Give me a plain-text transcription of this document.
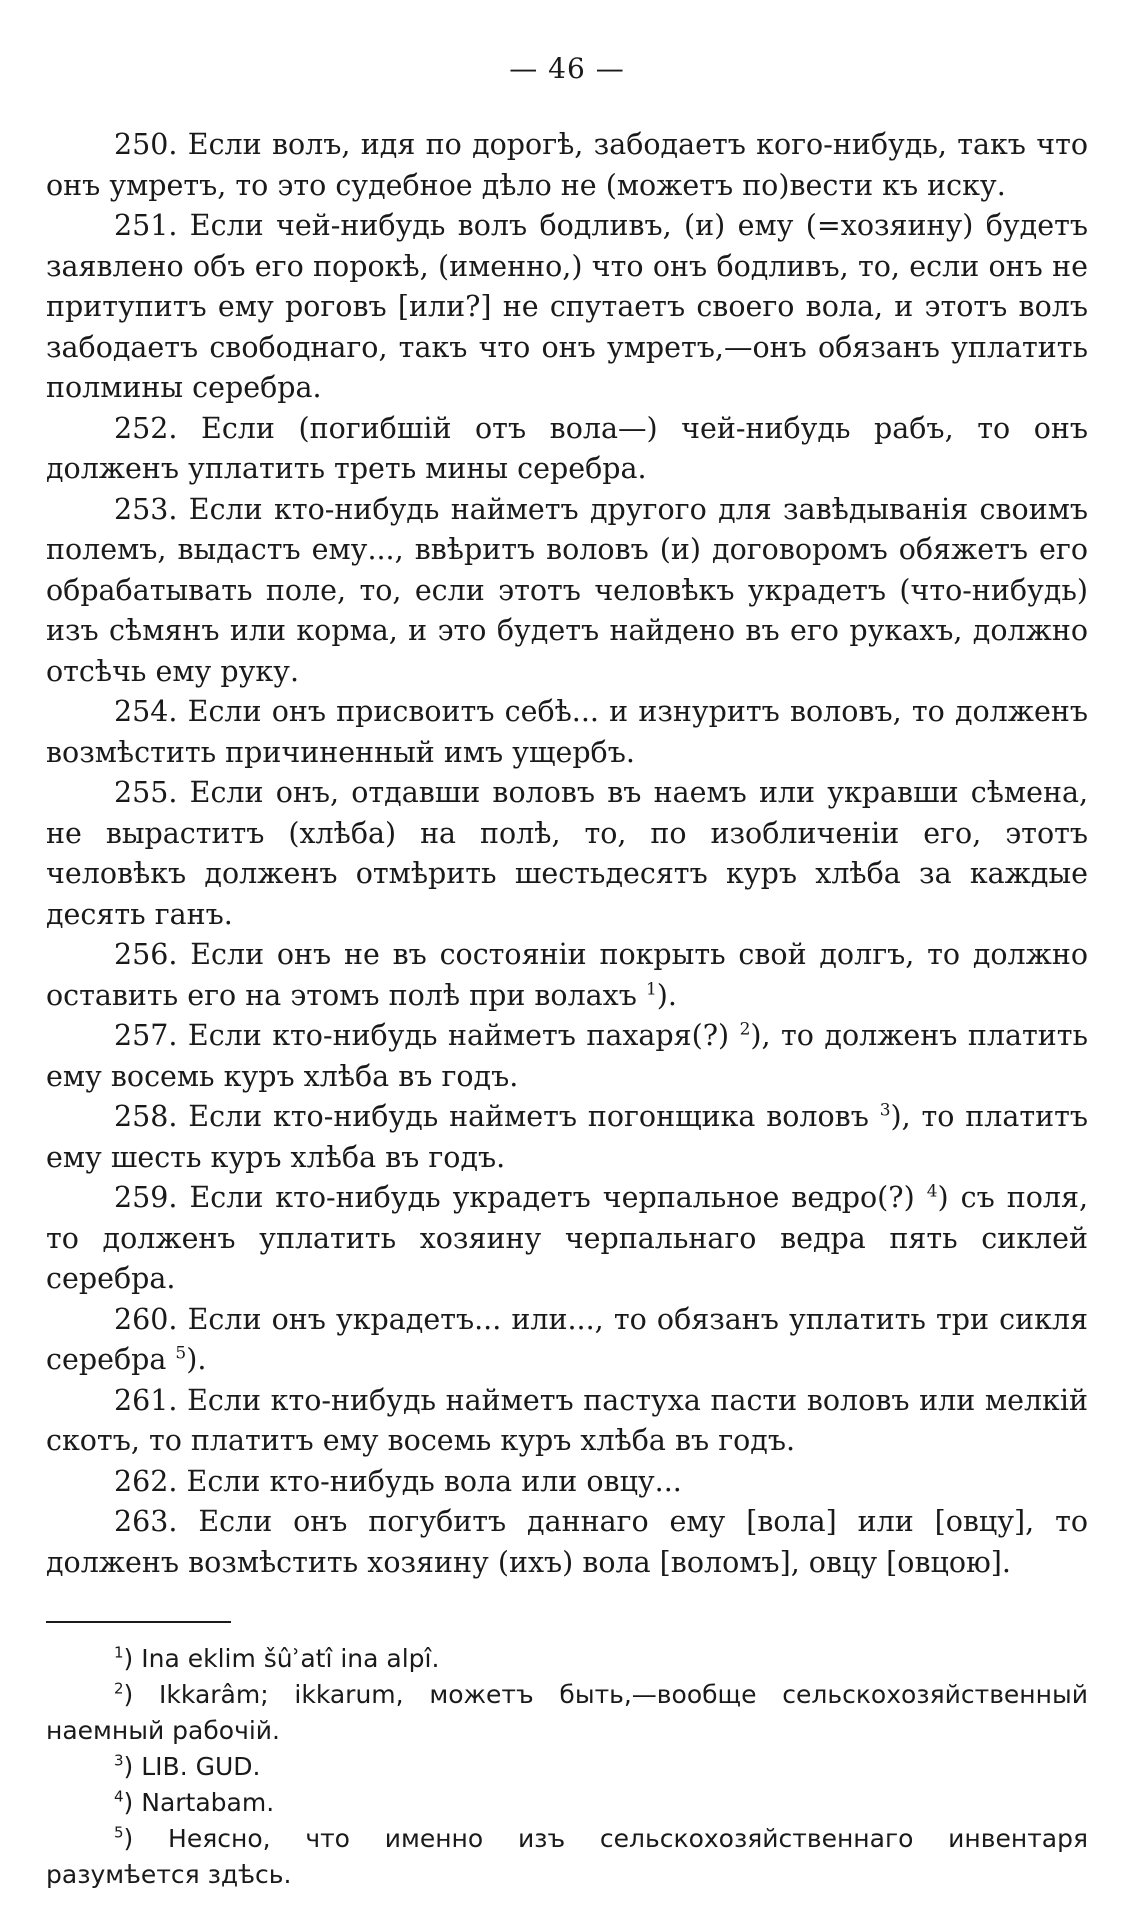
— 46 —

250. Если волъ, идя по дорогѣ, забодаетъ кого-нибудь, такъ что онъ умретъ, то это судебное дѣло не (можетъ по)вести къ иску.

251. Если чей-нибудь волъ бодливъ, (и) ему (=хозяину) будетъ заявлено объ его порокѣ, (именно,) что онъ бодливъ, то, если онъ не притупитъ ему роговъ [или?] не спутаетъ своего вола, и этотъ волъ забодаетъ свободнаго, такъ что онъ умретъ,—онъ обязанъ уплатить полмины серебра.

252. Если (погибшій отъ вола—) чей-нибудь рабъ, то онъ долженъ уплатить треть мины серебра.

253. Если кто-нибудь найметъ другого для завѣдыванія своимъ полемъ, выдастъ ему..., ввѣритъ воловъ (и) договоромъ обяжетъ его обрабатывать поле, то, если этотъ человѣкъ украдетъ (что-нибудь) изъ сѣмянъ или корма, и это будетъ найдено въ его рукахъ, должно отсѣчь ему руку.

254. Если онъ присвоитъ себѣ... и изнуритъ воловъ, то долженъ возмѣстить причиненный имъ ущербъ.

255. Если онъ, отдавши воловъ въ наемъ или укравши сѣмена, не выраститъ (хлѣба) на полѣ, то, по изобличеніи его, этотъ человѣкъ долженъ отмѣрить шестьдесятъ куръ хлѣба за каждые десять ганъ.

256. Если онъ не въ состояніи покрыть свой долгъ, то должно оставить его на этомъ полѣ при волахъ $^1$).

257. Если кто-нибудь найметъ пахаря(?) $^2$), то долженъ платить ему восемь куръ хлѣба въ годъ.

258. Если кто-нибудь найметъ погонщика воловъ $^3$), то платитъ ему шесть куръ хлѣба въ годъ.

259. Если кто-нибудь украдетъ черпальное ведро(?) $^4$) съ поля, то долженъ уплатить хозяину черпальнаго ведра пять сиклей серебра.

260. Если онъ украдетъ... или..., то обязанъ уплатить три сикля серебра $^5$).

261. Если кто-нибудь найметъ пастуха пасти воловъ или мелкій скотъ, то платитъ ему восемь куръ хлѣба въ годъ.

262. Если кто-нибудь вола или овцу...

263. Если онъ погубитъ даннаго ему [вола] или [овцу], то долженъ возмѣстить хозяину (ихъ) вола [воломъ], овцу [овцою].

$^1$) Ina eklim šûʾatî ina alpî.

$^2$) Ikkarâm; ikkarum, можетъ быть,—вообще сельскохозяйственный наемный рабочій.

$^3$) LIB. GUD.

$^4$) Nartabam.

$^5$) Неясно, что именно изъ сельскохозяйственнаго инвентаря разумѣется здѣсь.
